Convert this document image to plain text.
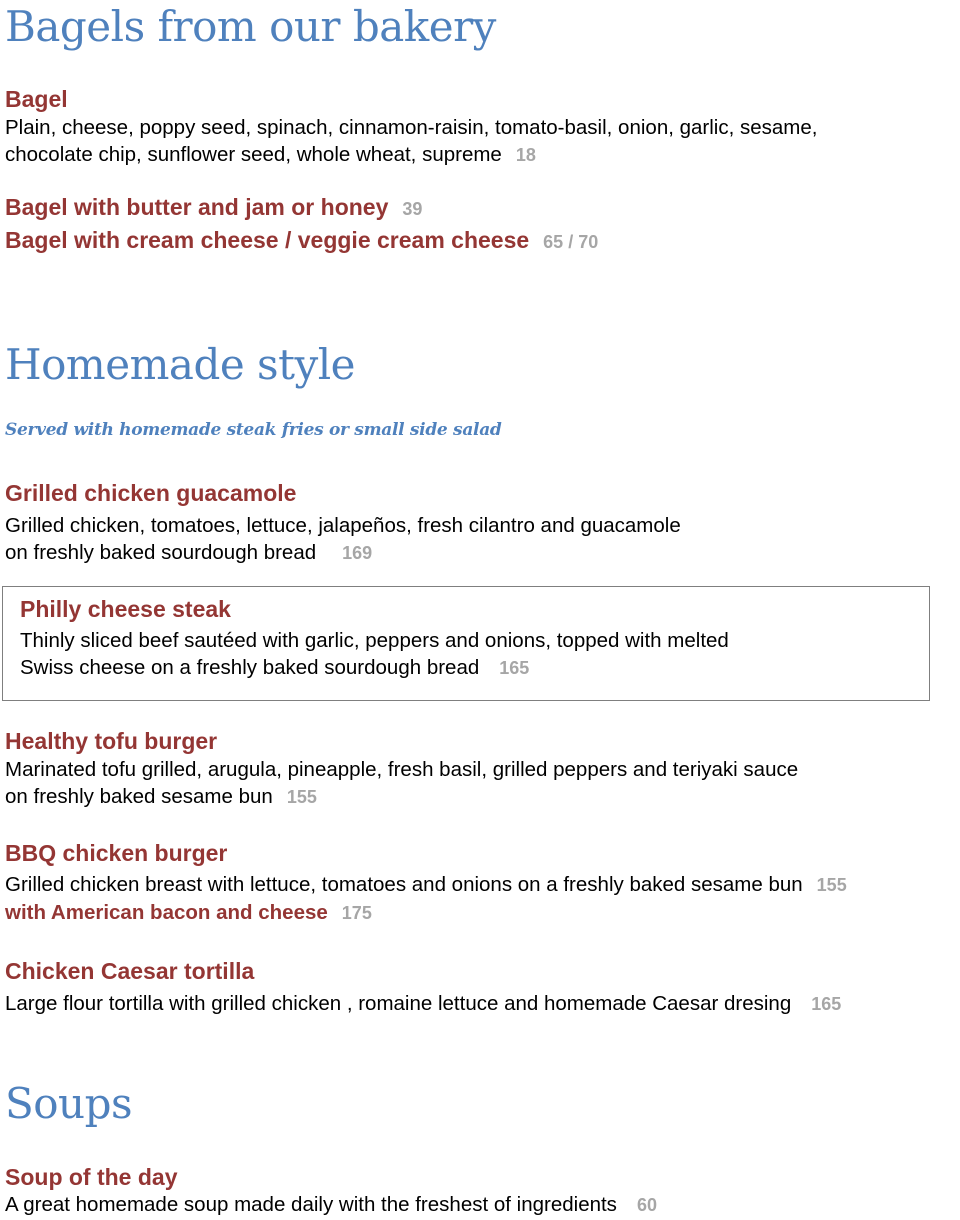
Bagels from our bakery
Bagel
Plain, cheese, poppy seed, spinach, cinnamon-raisin, tomato-basil, onion, garlic, sesame,
chocolate chip, sunflower seed, whole wheat, supreme 18
Bagel with butter and jam or honey 39
Bagel with cream cheese / veggie cream cheese 65 / 70
Homemade style
Served with homemade steak fries or small side salad
Grilled chicken guacamole
Grilled chicken, tomatoes, lettuce, jalapeños, fresh cilantro and guacamole
on freshly baked sourdough bread 169
Philly cheese steak
Thinly sliced beef sautéed with garlic, peppers and onions, topped with melted
Swiss cheese on a freshly baked sourdough bread 165
Healthy tofu burger
Marinated tofu grilled, arugula, pineapple, fresh basil, grilled peppers and teriyaki sauce
on freshly baked sesame bun 155
BBQ chicken burger
Grilled chicken breast with lettuce, tomatoes and onions on a freshly baked sesame bun 155
with American bacon and cheese 175
Chicken Caesar tortilla
Large flour tortilla with grilled chicken , romaine lettuce and homemade Caesar dresing 165
Soups
Soup of the day
A great homemade soup made daily with the freshest of ingredients 60
